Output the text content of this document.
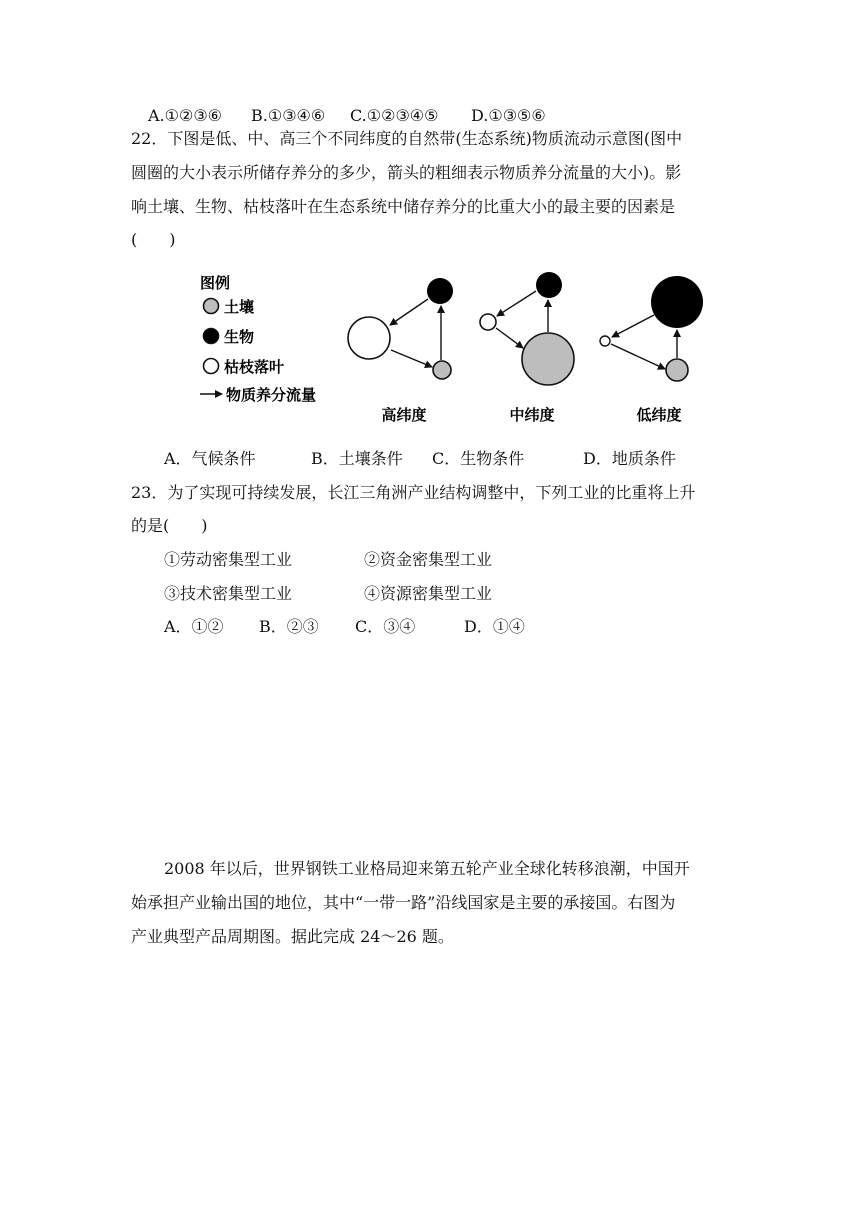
A.①②③⑥ B.①③④⑥ C.①②③④⑤ D.①③⑤⑥
22．下图是低、中、高三个不同纬度的自然带(生态系统)物质流动示意图(图中
圆圈的大小表示所储存养分的多少，箭头的粗细表示物质养分流量的大小)。影
响土壤、生物、枯枝落叶在生态系统中储存养分的比重大小的最主要的因素是
(　　)
图例
土壤
生物
枯枝落叶
物质养分流量
高纬度	中纬度	低纬度
A．气候条件	B．土壤条件 C．生物条件	D．地质条件
23．为了实现可持续发展，长江三角洲产业结构调整中，下列工业的比重将上升
的是(　　)
①劳动密集型工业	②资金密集型工业
③技术密集型工业	④资源密集型工业
A．①② B．②③ C．③④	D．①④
2008 年以后，世界钢铁工业格局迎来第五轮产业全球化转移浪潮，中国开
始承担产业输出国的地位，其中“一带一路”沿线国家是主要的承接国。右图为
产业典型产品周期图。据此完成 24～26 题。
